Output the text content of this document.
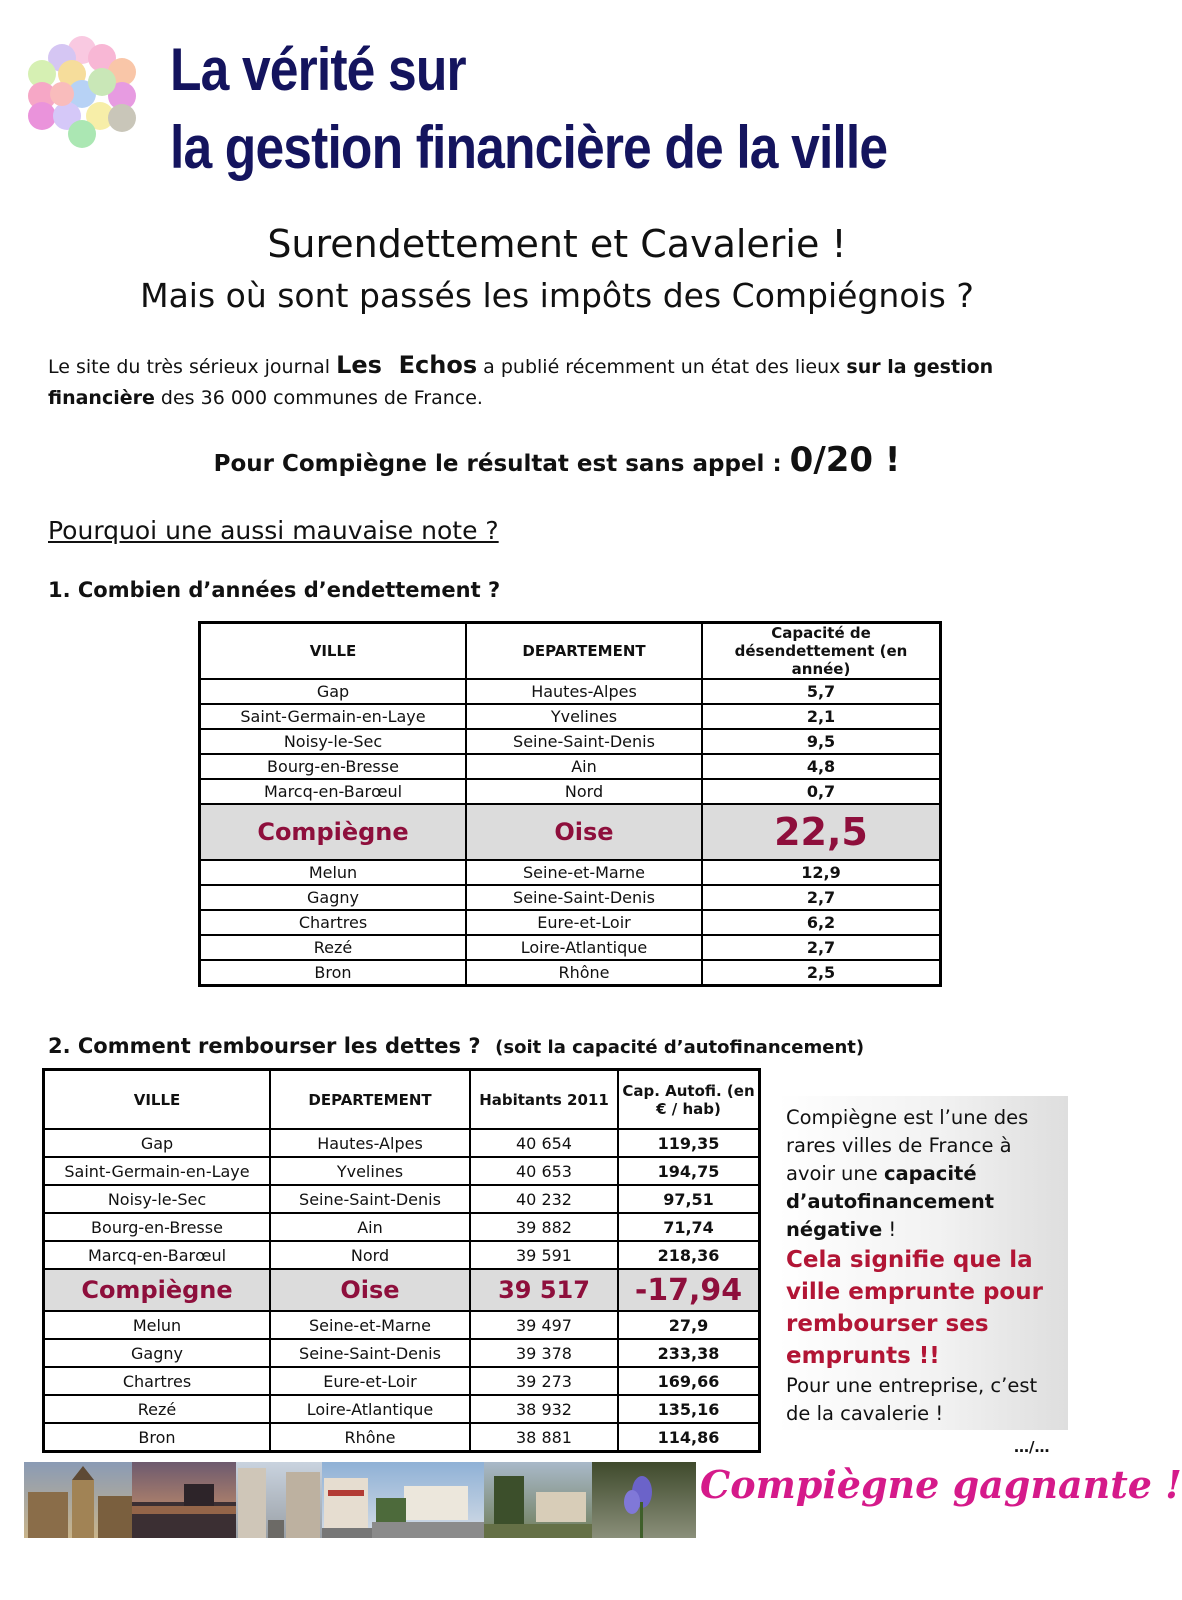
La vérité sur
la gestion financière de la ville
Surendettement et Cavalerie !
Mais où sont passés les impôts des Compiégnois ?
Le site du très sérieux journal Les  Echos a publié récemment un état des lieux sur la gestion financière des 36 000 communes de France.
Pour Compiègne le résultat est sans appel : 0/20 !
Pourquoi une aussi mauvaise note ?
1. Combien d’années d’endettement ?
VILLE	DEPARTEMENT	Capacité de désendettement (en année)
Gap	Hautes-Alpes	5,7
Saint-Germain-en-Laye	Yvelines	2,1
Noisy-le-Sec	Seine-Saint-Denis	9,5
Bourg-en-Bresse	Ain	4,8
Marcq-en-Barœul	Nord	0,7
Compiègne	Oise	22,5
Melun	Seine-et-Marne	12,9
Gagny	Seine-Saint-Denis	2,7
Chartres	Eure-et-Loir	6,2
Rezé	Loire-Atlantique	2,7
Bron	Rhône	2,5
2. Comment rembourser les dettes ? (soit la capacité d’autofinancement)
VILLE	DEPARTEMENT	Habitants 2011	Cap. Autofi. (en € / hab)
Gap	Hautes-Alpes	40 654	119,35
Saint-Germain-en-Laye	Yvelines	40 653	194,75
Noisy-le-Sec	Seine-Saint-Denis	40 232	97,51
Bourg-en-Bresse	Ain	39 882	71,74
Marcq-en-Barœul	Nord	39 591	218,36
Compiègne	Oise	39 517	-17,94
Melun	Seine-et-Marne	39 497	27,9
Gagny	Seine-Saint-Denis	39 378	233,38
Chartres	Eure-et-Loir	39 273	169,66
Rezé	Loire-Atlantique	38 932	135,16
Bron	Rhône	38 881	114,86
Compiègne est l’une des rares villes de France à avoir une capacité d’autofinancement négative !
Cela signifie que la ville emprunte pour rembourser ses emprunts !!
Pour une entreprise, c’est de la cavalerie !
…/…
Compiègne gagnante !
